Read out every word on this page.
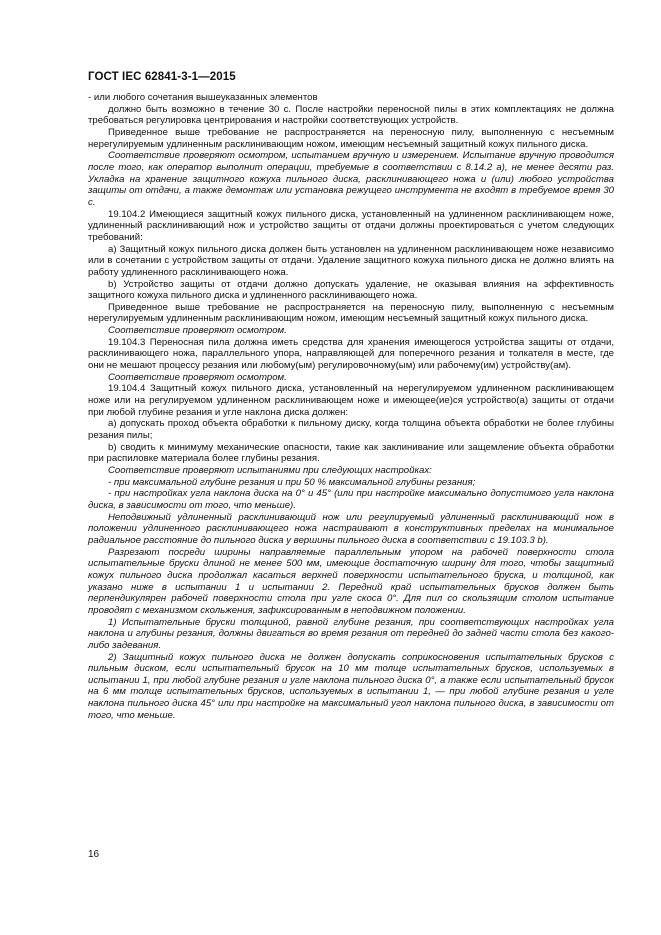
ГОСТ IEC 62841-3-1—2015

- или любого сочетания вышеуказанных элементов

должно быть возможно в течение 30 с. После настройки переносной пилы в этих комплектациях не должна требоваться регулировка центрирования и настройки соответствующих устройств.

Приведенное выше требование не распространяется на переносную пилу, выполненную с несъемным нерегулируемым удлиненным расклинивающим ножом, имеющим несъемный защитный кожух пильного диска.

Соответствие проверяют осмотром, испытанием вручную и измерением. Испытание вручную проводится после того, как оператор выполнит операции, требуемые в соответствии с 8.14.2 а), не менее десяти раз. Укладка на хранение защитного кожуха пильного диска, расклинивающего ножа и (или) любого устройства защиты от отдачи, а также демонтаж или установка режущего инструмента не входят в требуемое время 30 с.

19.104.2 Имеющиеся защитный кожух пильного диска, установленный на удлиненном расклинивающем ноже, удлиненный расклинивающий нож и устройство защиты от отдачи должны проектироваться с учетом следующих требований:

а) Защитный кожух пильного диска должен быть установлен на удлиненном расклинивающем ноже независимо или в сочетании с устройством защиты от отдачи. Удаление защитного кожуха пильного диска не должно влиять на работу удлиненного расклинивающего ножа.

b) Устройство защиты от отдачи должно допускать удаление, не оказывая влияния на эффективность защитного кожуха пильного диска и удлиненного расклинивающего ножа.

Приведенное выше требование не распространяется на переносную пилу, выполненную с несъемным нерегулируемым удлиненным расклинивающим ножом, имеющим несъемный защитный кожух пильного диска.

Соответствие проверяют осмотром.

19.104.3 Переносная пила должна иметь средства для хранения имеющегося устройства защиты от отдачи, расклинивающего ножа, параллельного упора, направляющей для поперечного резания и толкателя в месте, где они не мешают процессу резания или любому(ым) регулировочному(ым) или рабочему(им) устройству(ам).

Соответствие проверяют осмотром.

19.104.4 Защитный кожух пильного диска, установленный на нерегулируемом удлиненном расклинивающем ноже или на регулируемом удлиненном расклинивающем ноже и имеющее(ие)ся устройство(а) защиты от отдачи при любой глубине резания и угле наклона диска должен:

а) допускать проход объекта обработки к пильному диску, когда толщина объекта обработки не более глубины резания пилы;

b) сводить к минимуму механические опасности, такие как заклинивание или защемление объекта обработки при распиловке материала более глубины резания.

Соответствие проверяют испытаниями при следующих настройках:

- при максимальной глубине резания и при 50 % максимальной глубины резания;

- при настройках угла наклона диска на 0° и 45° (или при настройке максимально допустимого угла наклона диска, в зависимости от того, что меньше).

Неподвижный удлиненный расклинивающий нож или регулируемый удлиненный расклинивающий нож в положении удлиненного расклинивающего ножа настраивают в конструктивных пределах на минимальное радиальное расстояние до пильного диска у вершины пильного диска в соответствии с 19.103.3 b).

Разрезают посреди ширины направляемые параллельным упором на рабочей поверхности стола испытательные бруски длиной не менее 500 мм, имеющие достаточную ширину для того, чтобы защитный кожух пильного диска продолжал касаться верхней поверхности испытательного бруска, и толщиной, как указано ниже в испытании 1 и испытании 2. Передний край испытательных брусков должен быть перпендикулярен рабочей поверхности стола при угле скоса 0°. Для пил со скользящим столом испытание проводят с механизмом скольжения, зафиксированным в неподвижном положении.

1) Испытательные бруски толщиной, равной глубине резания, при соответствующих настройках угла наклона и глубины резания, должны двигаться во время резания от передней до задней части стола без какого-либо задевания.

2) Защитный кожух пильного диска не должен допускать соприкосновения испытательных брусков с пильным диском, если испытательный брусок на 10 мм толще испытательных брусков, используемых в испытании 1, при любой глубине резания и угле наклона пильного диска 0°, а также если испытательный брусок на 6 мм толще испытательных брусков, используемых в испытании 1, — при любой глубине резания и угле наклона пильного диска 45° или при настройке на максимальный угол наклона пильного диска, в зависимости от того, что меньше.

16
